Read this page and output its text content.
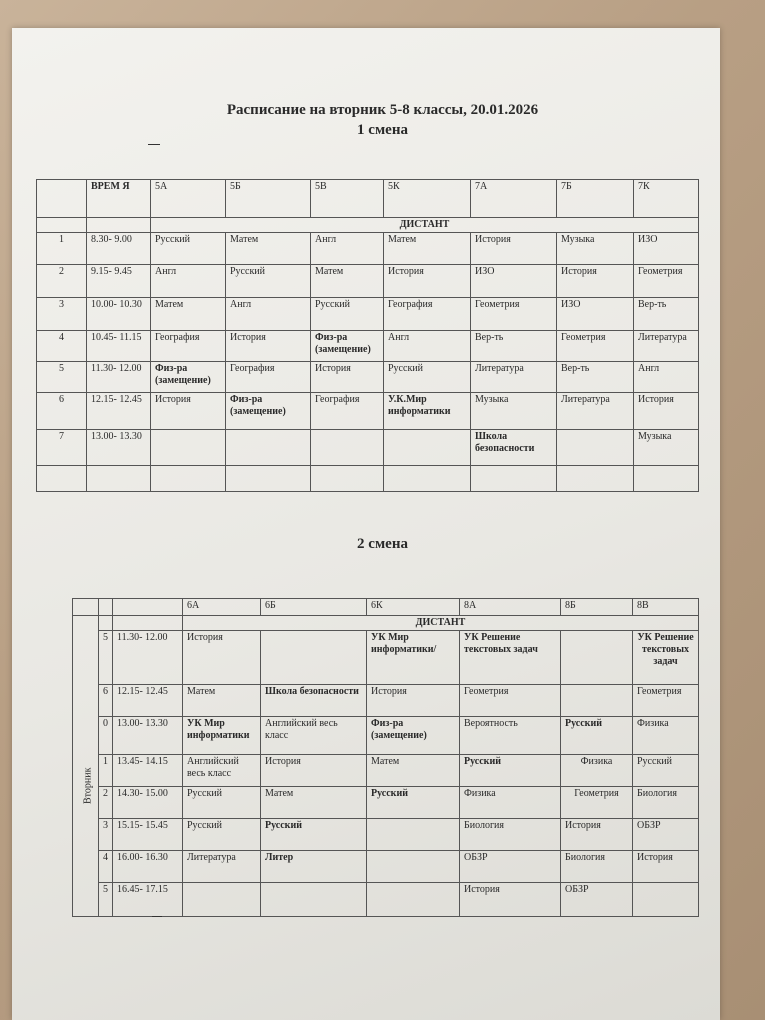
Расписание на вторник 5-8 классы, 20.01.2026
1 смена
	ВРЕМ Я	5А	5Б	5В	5К	7А	7Б	7К
		ДИСТАНТ						
1	8.30- 9.00	Русский	Матем	Англ	Матем	История	Музыка	ИЗО
2	9.15- 9.45	Англ	Русский	Матем	История	ИЗО	История	Геометрия
3	10.00- 10.30	Матем	Англ	Русский	География	Геометрия	ИЗО	Вер-ть
4	10.45- 11.15	География	История	Физ-ра (замещение)	Англ	Вер-ть	Геометрия	Литература
5	11.30- 12.00	Физ-ра (замещение)	География	История	Русский	Литература	Вер-ть	Англ
6	12.15- 12.45	История	Физ-ра (замещение)	География	У.К.Мир информатики	Музыка	Литература	История
7	13.00- 13.30					Школа безопасности		Музыка

2 смена
			6А	6Б	6К	8А	8Б	8В
Вторник			ДИСТАНТ					
	5	11.30- 12.00	История		УК Мир информатики/	УК Решение текстовых задач		УК Решение текстовых задач
	6	12.15- 12.45	Матем	Школа безопасности	История	Геометрия		Геометрия
	0	13.00- 13.30	УК Мир информатики	Английский весь класс	Физ-ра (замещение)	Вероятность	Русский	Физика
	1	13.45- 14.15	Английский весь класс	История	Матем	Русский	Физика	Русский
	2	14.30- 15.00	Русский	Матем	Русский	Физика	Геометрия	Биология
	3	15.15- 15.45	Русский	Русский		Биология	История	ОБЗР
	4	16.00- 16.30	Литература	Литер		ОБЗР	Биология	История
	5	16.45- 17.15				История	ОБЗР	
